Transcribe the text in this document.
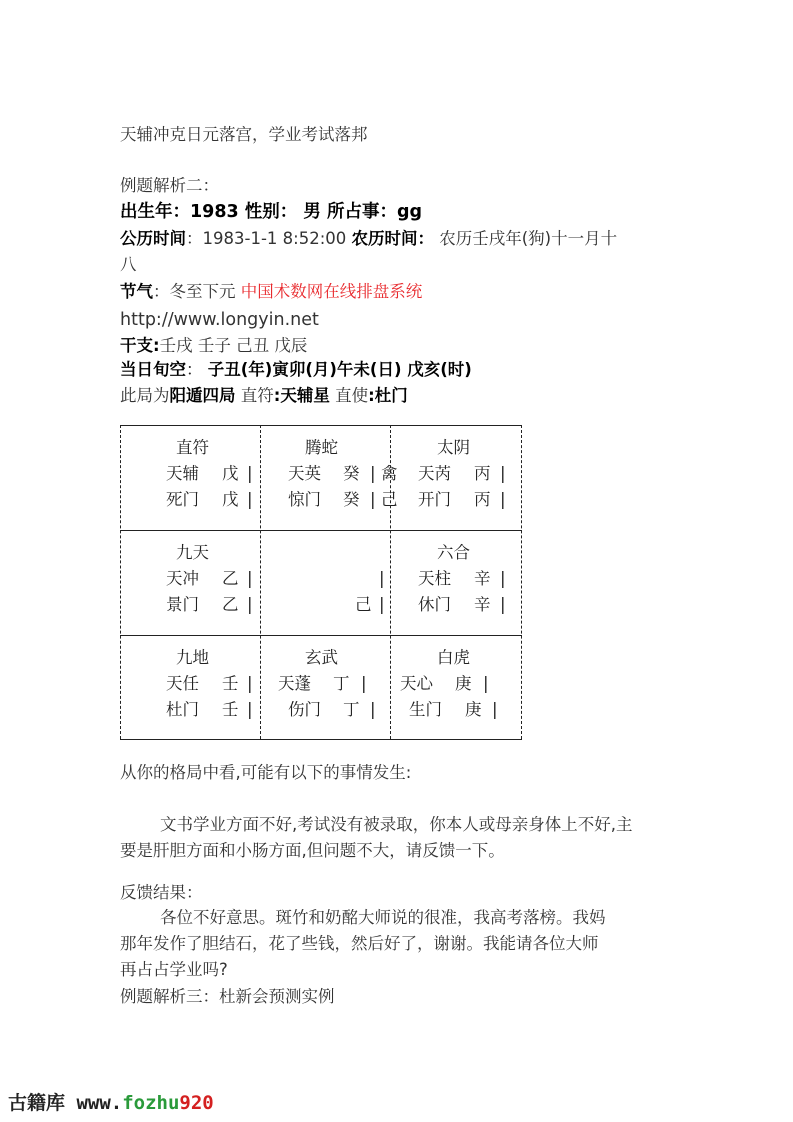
天辅冲克日元落宫，学业考试落邦
例题解析二：
出生年：1983 性别： 男 所占事：gg
公历时间：1983-1-1 8:52:00 农历时间： 农历壬戌年(狗)十一月十
八
节气：冬至下元 中国术数网在线排盘系统
http://www.longyin.net
干支:壬戌 壬子 己丑 戊辰
当日旬空： 子丑(年)寅卯(月)午未(日) 戊亥(时)
此局为阳遁四局 直符:天辅星 直使:杜门
直符
天辅 戊
死门 戊
腾蛇
天英 癸 禽
惊门 癸 己
太阴
天芮 丙
开门 丙
九天
天冲 乙
景门 乙	己
六合
天柱 辛
休门 辛
九地
天任 壬
杜门 壬
玄武
天蓬 丁
伤门 丁
白虎
天心 庚
生门 庚
|
|
|
|
|
|
|
|
|
|
|
|
|
|
|
|
|
|
从你的格局中看,可能有以下的事情发生:
文书学业方面不好,考试没有被录取，你本人或母亲身体上不好,主
要是肝胆方面和小肠方面,但问题不大，请反馈一下。
反馈结果：
各位不好意思。斑竹和奶酩大师说的很准，我高考落榜。我妈
那年发作了胆结石，花了些钱，然后好了，谢谢。我能请各位大师
再占占学业吗?
例题解析三：杜新会预测实例
古籍库 www.fozhu920
